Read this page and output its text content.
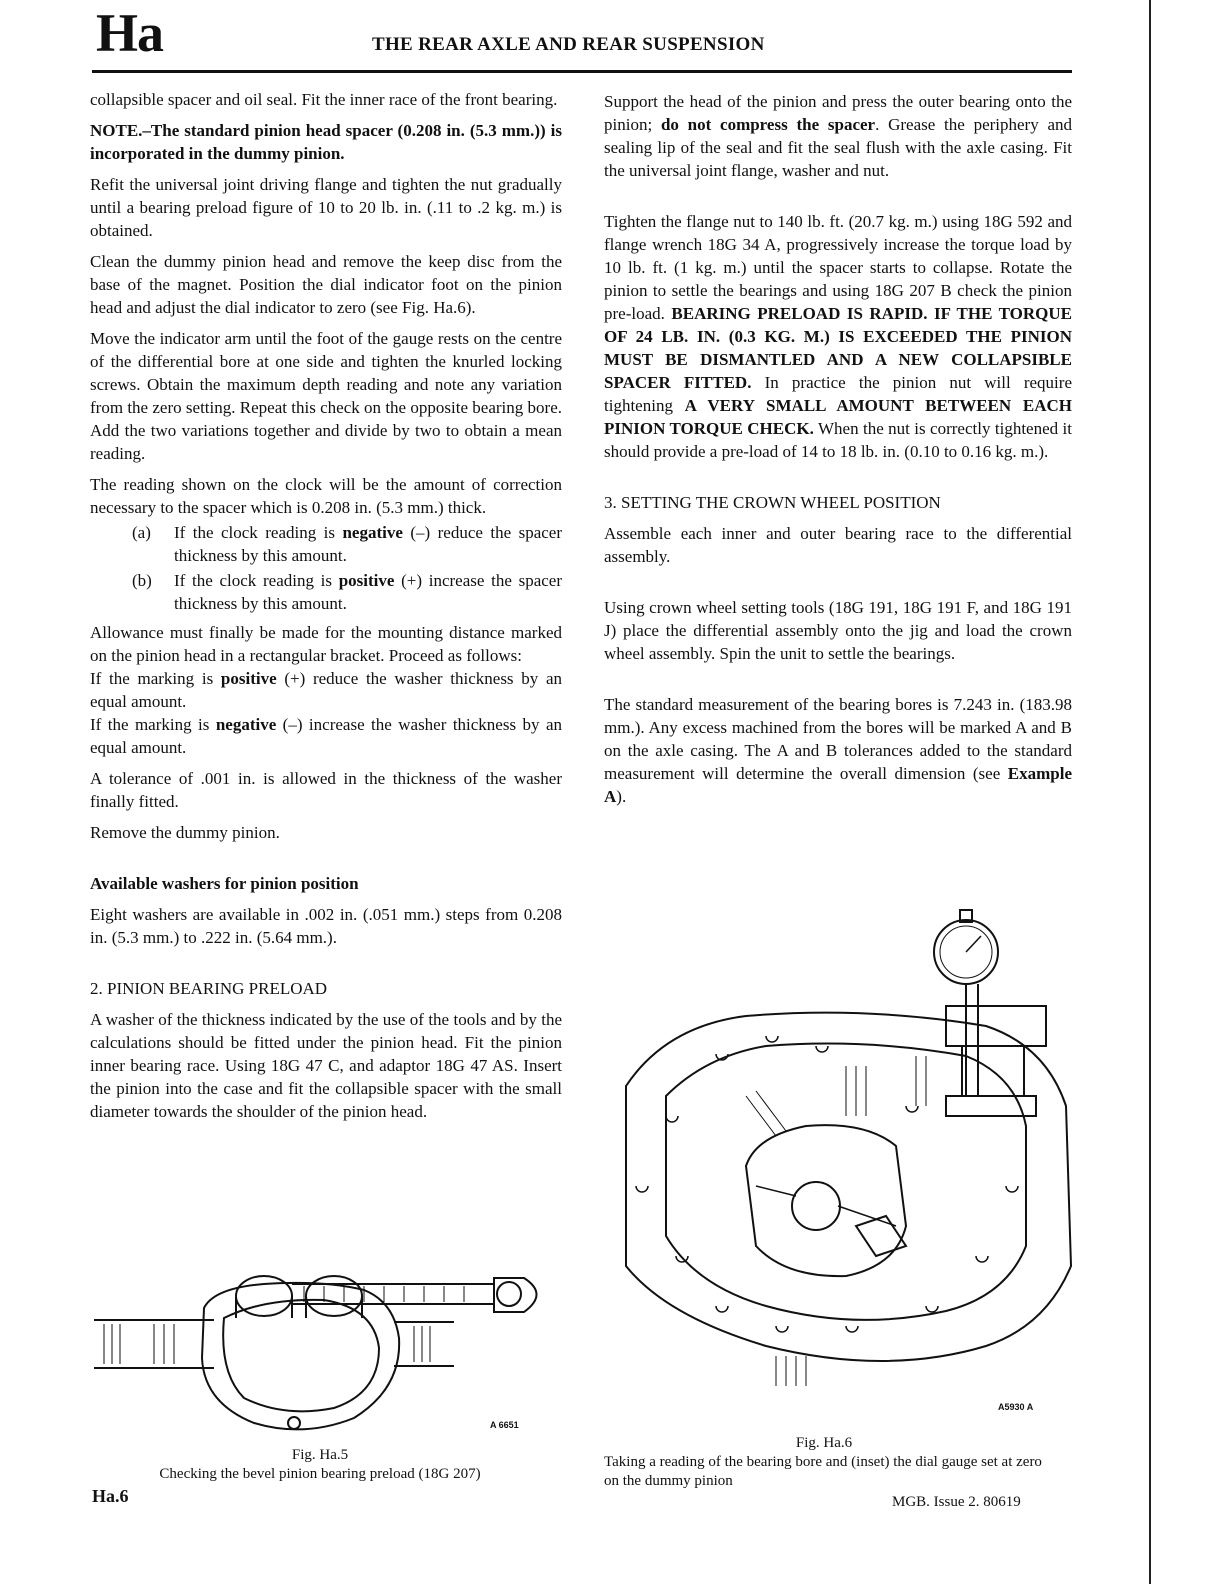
Ha	THE REAR AXLE AND REAR SUSPENSION

collapsible spacer and oil seal. Fit the inner race of the front bearing.

NOTE.–The standard pinion head spacer (0.208 in. (5.3 mm.)) is incorporated in the dummy pinion.

Refit the universal joint driving flange and tighten the nut gradually until a bearing preload figure of 10 to 20 lb. in. (.11 to .2 kg. m.) is obtained.

Clean the dummy pinion head and remove the keep disc from the base of the magnet. Position the dial indicator foot on the pinion head and adjust the dial indicator to zero (see Fig. Ha.6).

Move the indicator arm until the foot of the gauge rests on the centre of the differential bore at one side and tighten the knurled locking screws. Obtain the maximum depth reading and note any variation from the zero setting. Repeat this check on the opposite bearing bore. Add the two variations together and divide by two to obtain a mean reading.

The reading shown on the clock will be the amount of correction necessary to the spacer which is 0.208 in. (5.3 mm.) thick.

(a) If the clock reading is negative (–) reduce the spacer thickness by this amount.
(b) If the clock reading is positive (+) increase the spacer thickness by this amount.

Allowance must finally be made for the mounting distance marked on the pinion head in a rectangular bracket. Proceed as follows:

If the marking is positive (+) reduce the washer thickness by an equal amount.

If the marking is negative (–) increase the washer thickness by an equal amount.

A tolerance of .001 in. is allowed in the thickness of the washer finally fitted.

Remove the dummy pinion.

Available washers for pinion position

Eight washers are available in .002 in. (.051 mm.) steps from 0.208 in. (5.3 mm.) to .222 in. (5.64 mm.).

2. PINION BEARING PRELOAD

A washer of the thickness indicated by the use of the tools and by the calculations should be fitted under the pinion head. Fit the pinion inner bearing race. Using 18G 47 C, and adaptor 18G 47 AS. Insert the pinion into the case and fit the collapsible spacer with the small diameter towards the shoulder of the pinion head.

Support the head of the pinion and press the outer bearing onto the pinion; do not compress the spacer. Grease the periphery and sealing lip of the seal and fit the seal flush with the axle casing. Fit the universal joint flange, washer and nut.

Tighten the flange nut to 140 lb. ft. (20.7 kg. m.) using 18G 592 and flange wrench 18G 34 A, progressively increase the torque load by 10 lb. ft. (1 kg. m.) until the spacer starts to collapse. Rotate the pinion to settle the bearings and using 18G 207 B check the pinion pre-load. BEARING PRELOAD IS RAPID. IF THE TORQUE OF 24 LB. IN. (0.3 KG. M.) IS EXCEEDED THE PINION MUST BE DISMANTLED AND A NEW COLLAPSIBLE SPACER FITTED. In practice the pinion nut will require tightening A VERY SMALL AMOUNT BETWEEN EACH PINION TORQUE CHECK. When the nut is correctly tightened it should provide a pre-load of 14 to 18 lb. in. (0.10 to 0.16 kg. m.).

3. SETTING THE CROWN WHEEL POSITION

Assemble each inner and outer bearing race to the differential assembly.

Using crown wheel setting tools (18G 191, 18G 191 F, and 18G 191 J) place the differential assembly onto the jig and load the crown wheel assembly. Spin the unit to settle the bearings.

The standard measurement of the bearing bores is 7.243 in. (183.98 mm.). Any excess machined from the bores will be marked A and B on the axle casing. The A and B tolerances added to the standard measurement will determine the overall dimension (see Example A).

A 6651
Fig. Ha.5
Checking the bevel pinion bearing preload (18G 207)
A5930 A
Fig. Ha.6
Taking a reading of the bearing bore and (inset) the dial gauge set at zero on the dummy pinion
Ha.6	MGB. Issue 2. 80619
